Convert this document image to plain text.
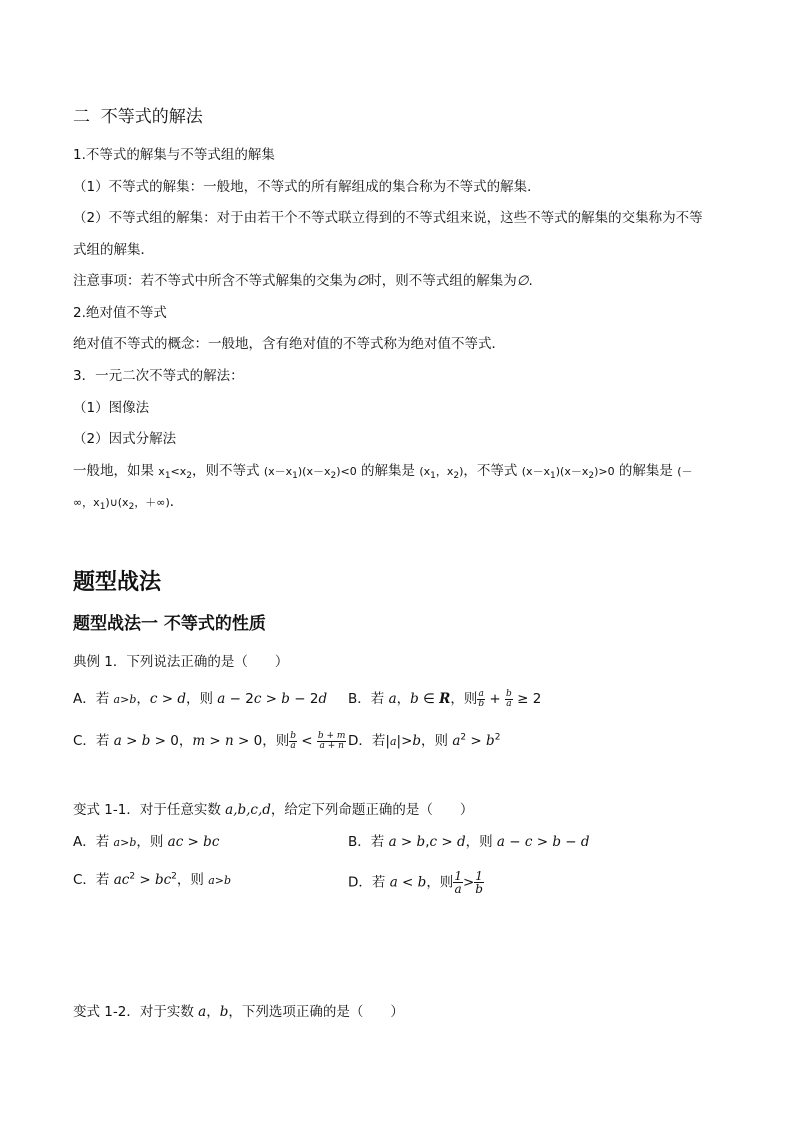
二  不等式的解法
1.不等式的解集与不等式组的解集
（1）不等式的解集：一般地，不等式的所有解组成的集合称为不等式的解集．
（2）不等式组的解集：对于由若干个不等式联立得到的不等式组来说，这些不等式的解集的交集称为不等
式组的解集．
注意事项：若不等式中所含不等式解集的交集为∅时，则不等式组的解集为∅.
2.绝对值不等式
绝对值不等式的概念：一般地，含有绝对值的不等式称为绝对值不等式．
3．一元二次不等式的解法：
（1）图像法
（2）因式分解法
一般地，如果 $x_1<x_2$，则不等式 $(x-x_1)(x-x_2)<0$ 的解集是 ($x_1$，$x_2$)，不等式 $(x-x_1)(x-x_2)>0$ 的解集是 (－
∞，$x_1)\cup(x_2$，＋∞)．
题型战法
题型战法一 不等式的性质
典例 1．下列说法正确的是（　　）
A．若 a>b，c > d，则 a − 2c > b − 2d B．若 a，b ∈ R，则 $\frac{a}{b} + \frac{b}{a} \ge 2$
C．若 a > b > 0，m > n > 0，则 $\frac{b}{a} < \frac{b + m}{a + n}$ D．若|a|>b，则 $a^2 > b^2$
变式 1-1．对于任意实数 a,b,c,d，给定下列命题正确的是（　　）
A．若 a>b，则 ac > bc	B．若 a > b,c > d，则 a − c > b − d
C．若 $ac^2 > bc^2$，则 a>b	D．若 a < b，则 $\frac{1}{a} > \frac{1}{b}$
变式 1-2．对于实数 a，b，下列选项正确的是（　　）
